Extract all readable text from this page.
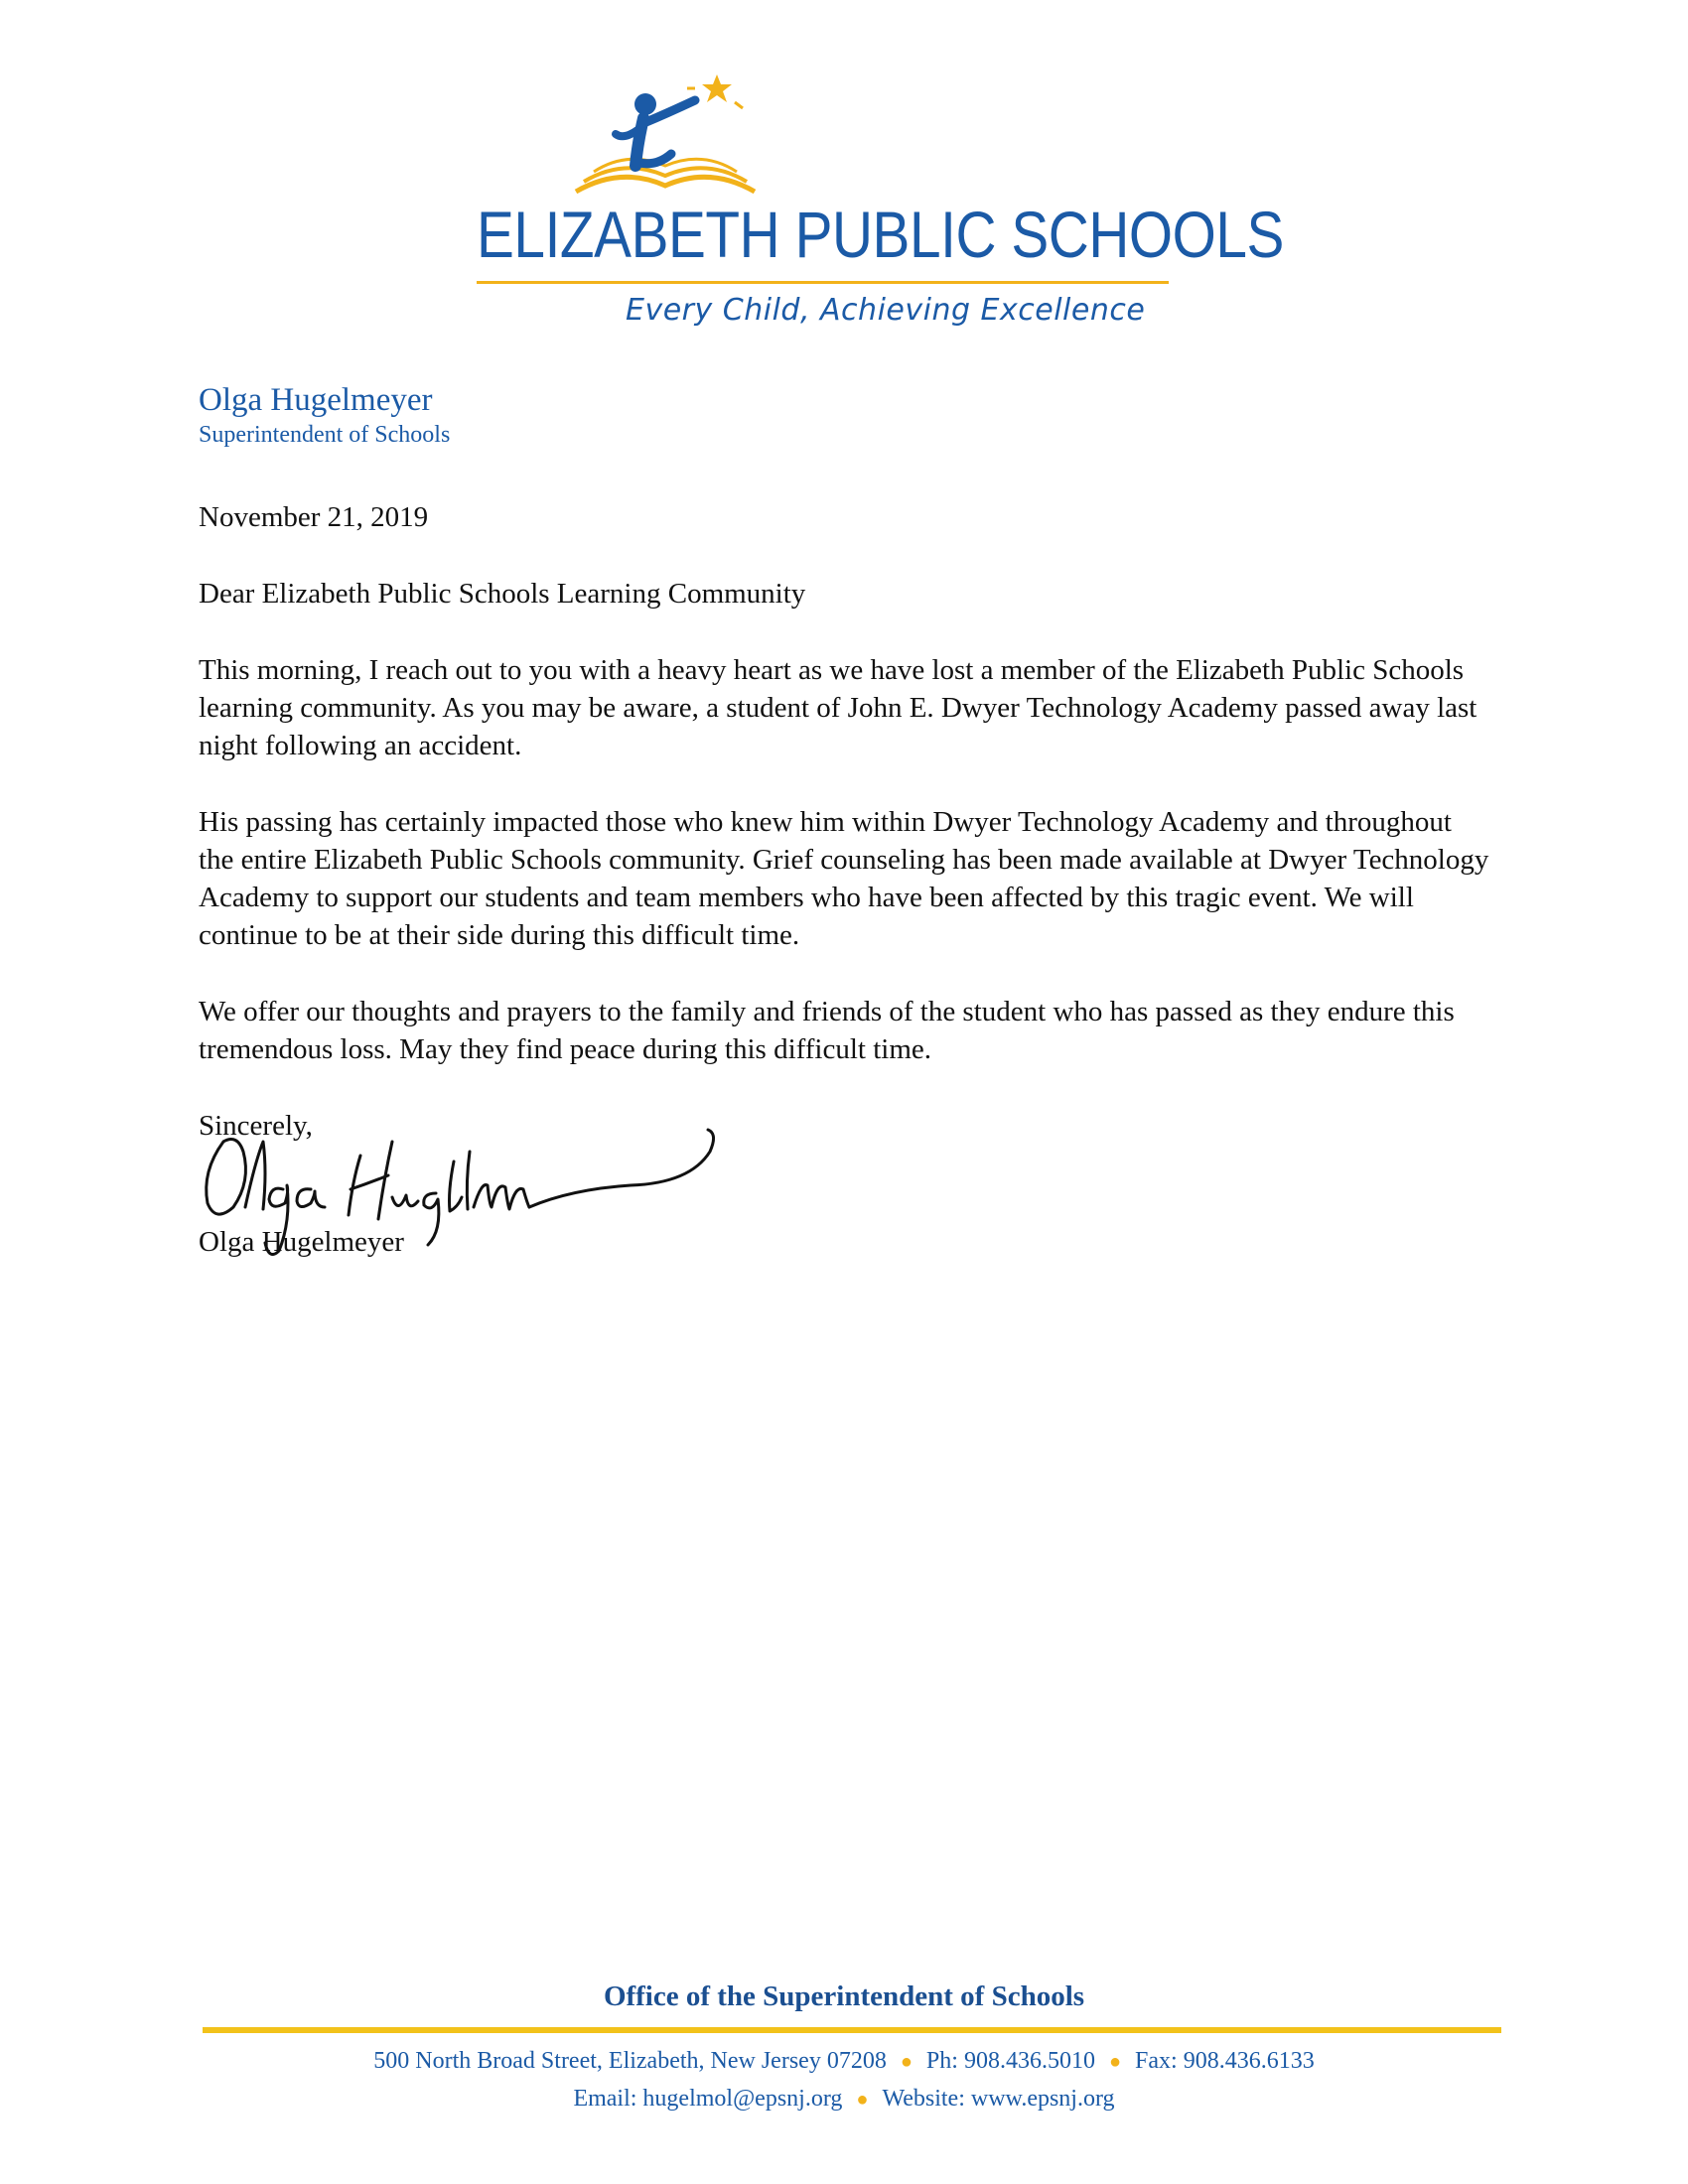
ELIZABETH PUBLIC SCHOOLS
Every Child, Achieving Excellence
Olga Hugelmeyer
Superintendent of Schools
November 21, 2019
Dear Elizabeth Public Schools Learning Community
This morning, I reach out to you with a heavy heart as we have lost a member of the Elizabeth Public Schools learning community. As you may be aware, a student of John E. Dwyer Technology Academy passed away last night following an accident.
His passing has certainly impacted those who knew him within Dwyer Technology Academy and throughout the entire Elizabeth Public Schools community. Grief counseling has been made available at Dwyer Technology Academy to support our students and team members who have been affected by this tragic event. We will continue to be at their side during this difficult time.
We offer our thoughts and prayers to the family and friends of the student who has passed as they endure this tremendous loss. May they find peace during this difficult time.
Sincerely,
Olga Hugelmeyer
Office of the Superintendent of Schools
500 North Broad Street, Elizabeth, New Jersey 07208 ● Ph: 908.436.5010 ● Fax: 908.436.6133
Email: hugelmol@epsnj.org ● Website: www.epsnj.org
